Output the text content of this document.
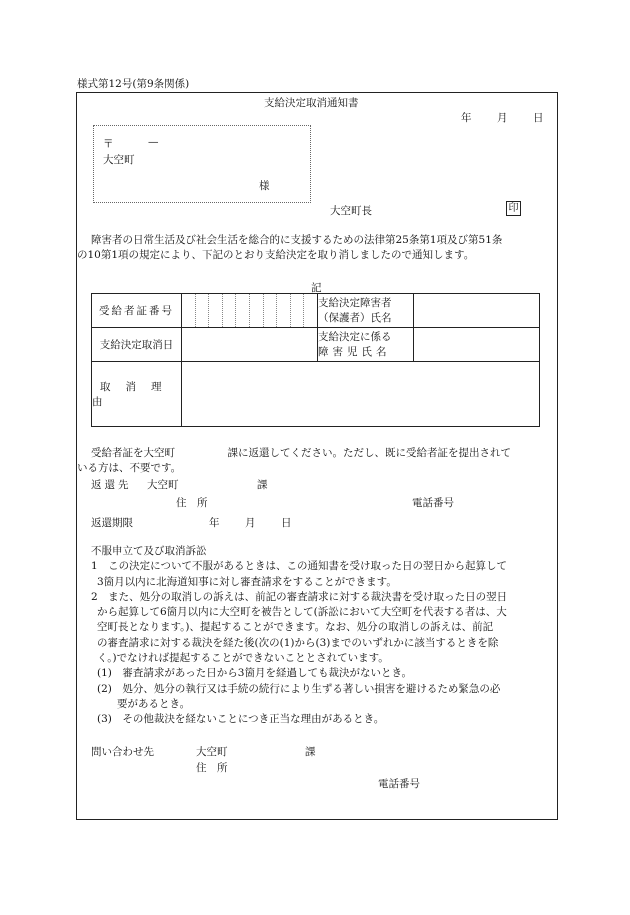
様式第12号(第9条関係)
支給決定取消通知書
年 月 日
〒	—
大空町
様
大空町長	印
障害者の日常生活及び社会生活を総合的に支援するための法律第25条第1項及び第51条
の10第1項の規定により、下記のとおり支給決定を取り消しましたので通知します。
記
受給者証番号		支給決定障害者
（保護者）氏名	

支給決定取消日		支給決定に係る
障害児氏名	

取消理由			
受給者証を大空町　　　　　課に返還してください。ただし、既に受給者証を提出されて
いる方は、不要です。
返還先 大空町	課
住　所	電話番号
返還期限	年 月 日
不服申立て及び取消訴訟
1　この決定について不服があるときは、この通知書を受け取った日の翌日から起算して
3箇月以内に北海道知事に対し審査請求をすることができます。
2　また、処分の取消しの訴えは、前記の審査請求に対する裁決書を受け取った日の翌日
から起算して6箇月以内に大空町を被告として(訴訟において大空町を代表する者は、大
空町長となります。)、提起することができます。なお、処分の取消しの訴えは、前記
の審査請求に対する裁決を経た後(次の(1)から(3)までのいずれかに該当するときを除
く。)でなければ提起することができないこととされています。
(1)　審査請求があった日から3箇月を経過しても裁決がないとき。
(2)　処分、処分の執行又は手続の続行により生ずる著しい損害を避けるため緊急の必
要があるとき。
(3)　その他裁決を経ないことにつき正当な理由があるとき。
問い合わせ先	大空町	課
住　所
電話番号
